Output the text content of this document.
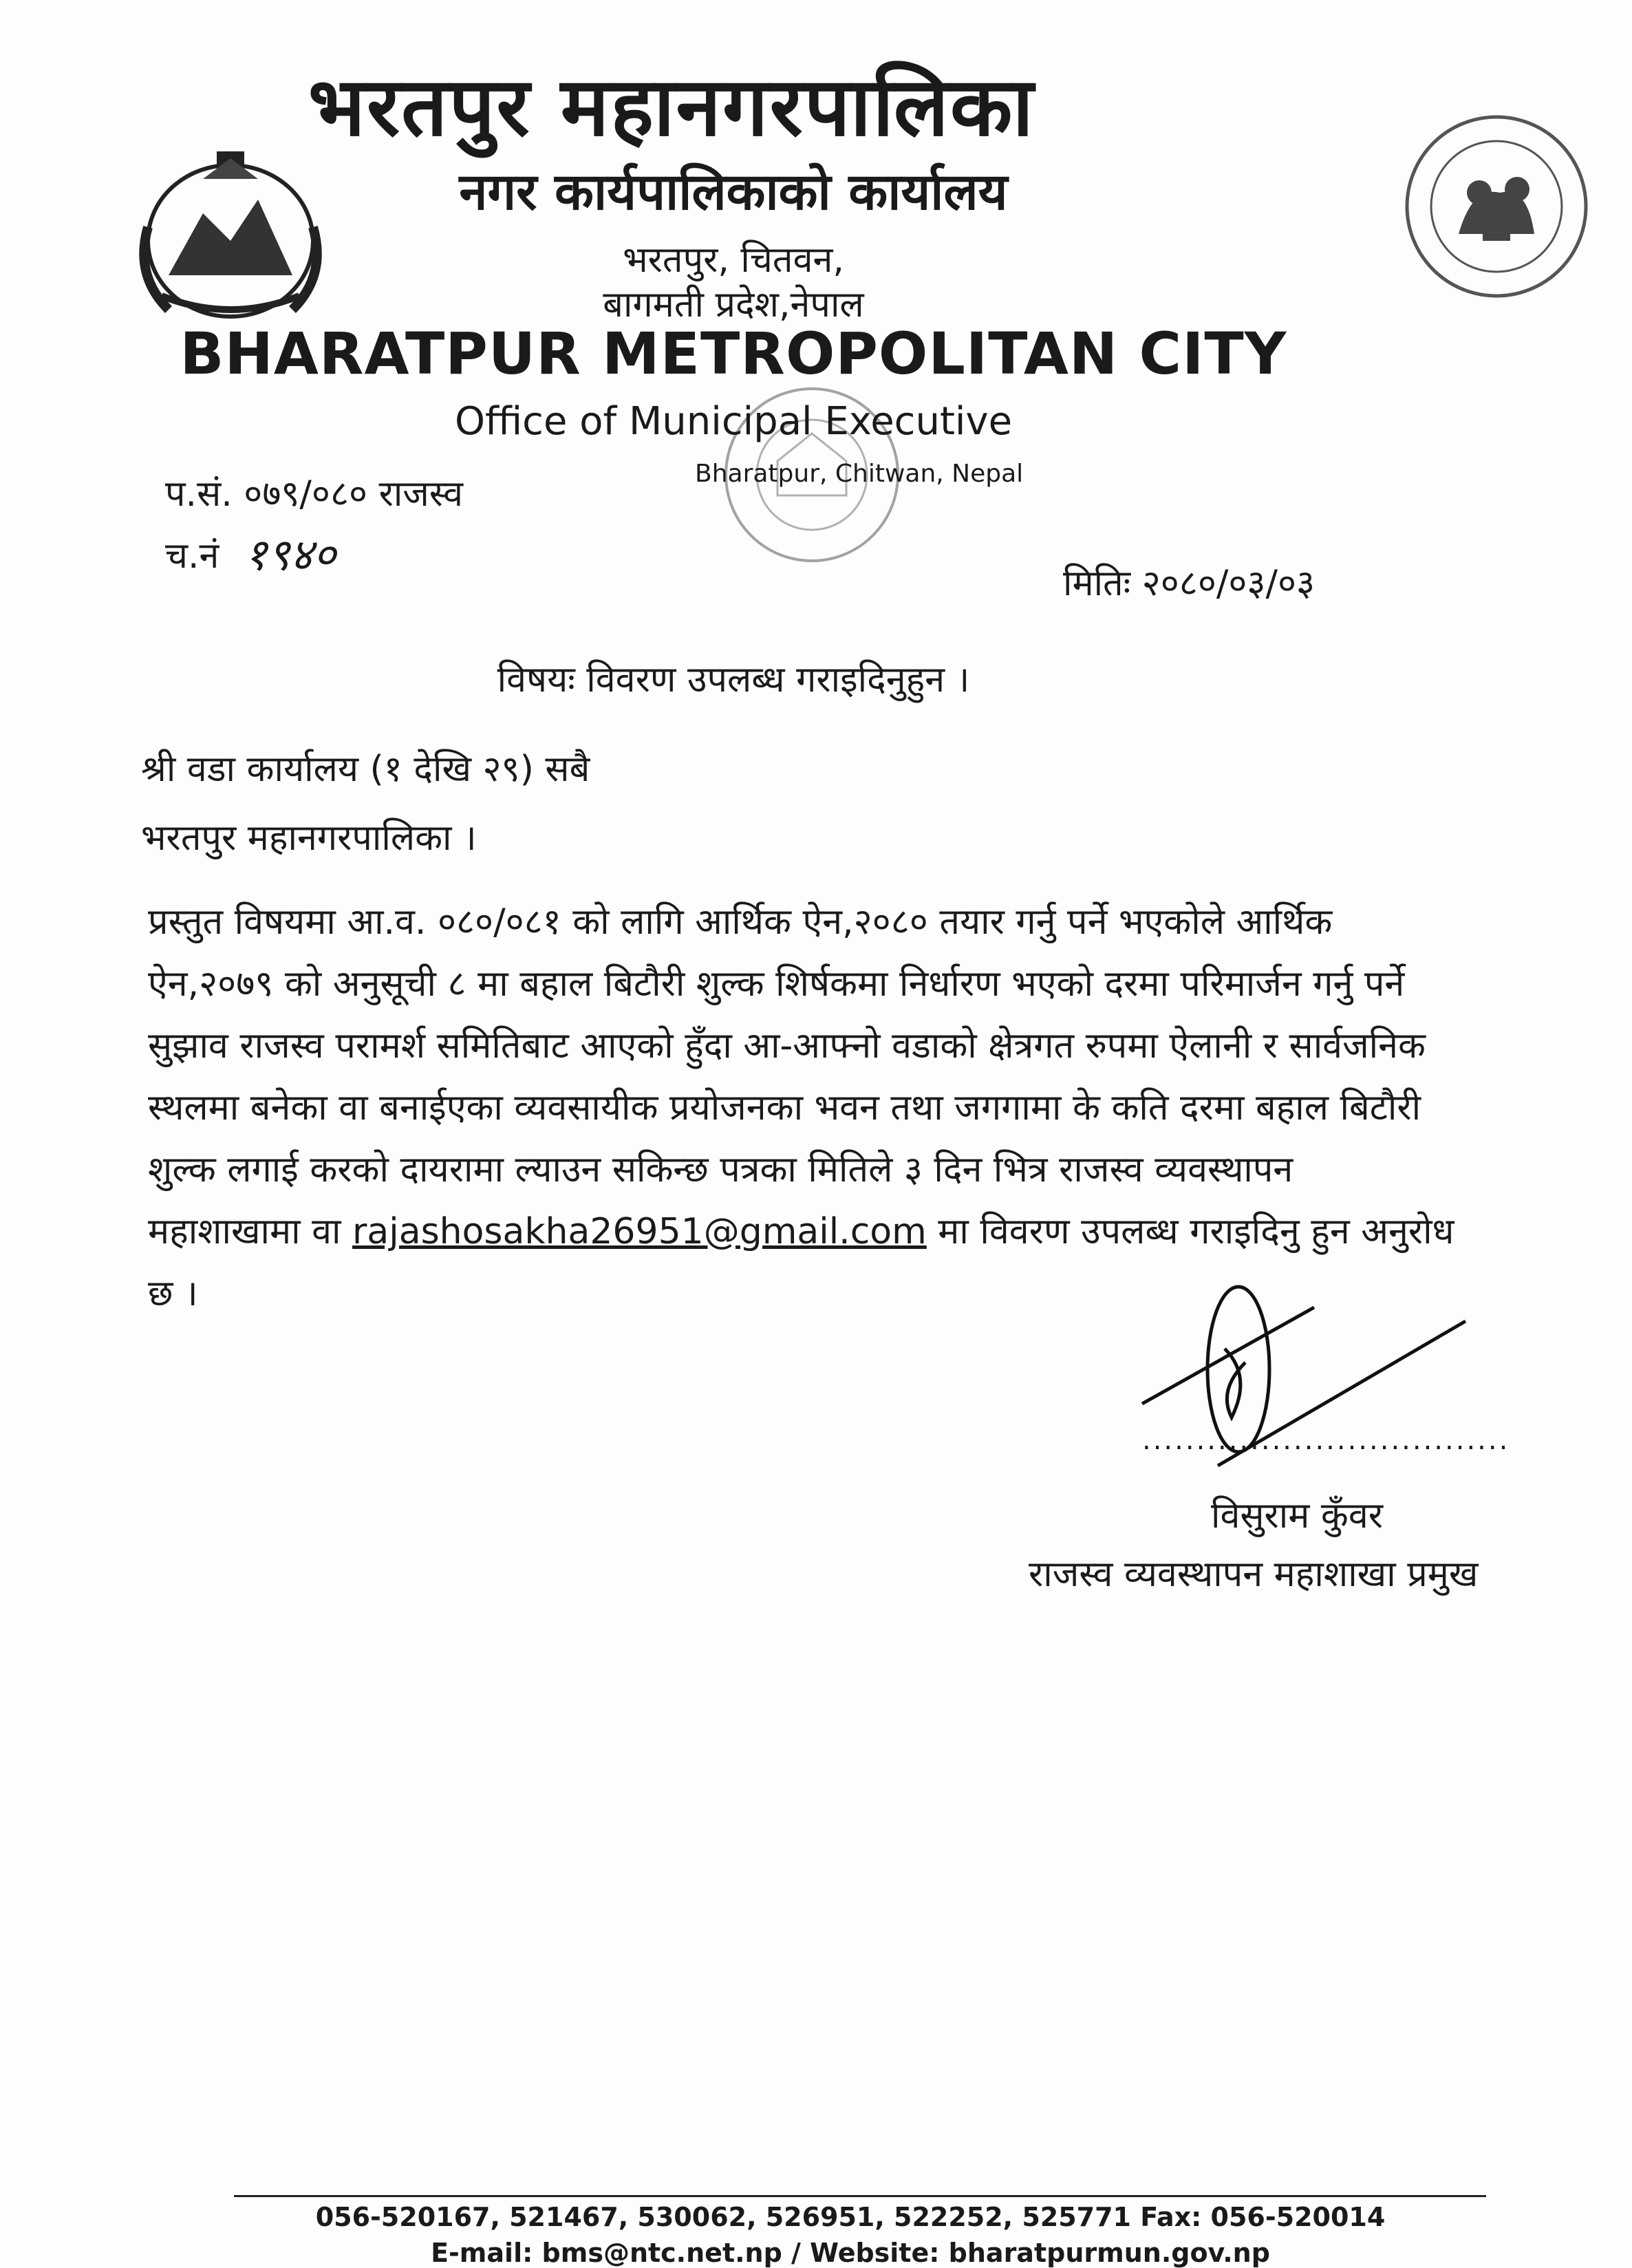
भरतपुर महानगरपालिका
नगर कार्यपालिकाको कार्यालय
भरतपुर, चितवन,
बागमती प्रदेश,नेपाल
BHARATPUR METROPOLITAN CITY
Office of Municipal Executive
Bharatpur, Chitwan, Nepal
प.सं. ०७९/०८० राजस्व
च.नं १९४०
मितिः २०८०/०३/०३
विषयः विवरण उपलब्ध गराइदिनुहुन ।
श्री वडा कार्यालय (१ देखि २९) सबै
भरतपुर महानगरपालिका ।
प्रस्तुत विषयमा आ.व. ०८०/०८१ को लागि आर्थिक ऐन,२०८० तयार गर्नु पर्ने भएकोले आर्थिक ऐन,२०७९ को अनुसूची ८ मा बहाल बिटौरी शुल्क शिर्षकमा निर्धारण भएको दरमा परिमार्जन गर्नु पर्ने सुझाव राजस्व परामर्श समितिबाट आएको हुँदा आ-आफ्नो वडाको क्षेत्रगत रुपमा ऐलानी र सार्वजनिक स्थलमा बनेका वा बनाईएका व्यवसायीक प्रयोजनका भवन तथा जगगामा के कति दरमा बहाल बिटौरी शुल्क लगाई करको दायरामा ल्याउन सकिन्छ पत्रका मितिले ३ दिन भित्र राजस्व व्यवस्थापन महाशाखामा वा rajashosakha26951@gmail.com मा विवरण उपलब्ध गराइदिनु हुन अनुरोध छ ।
..................................
विसुराम कुँवर
राजस्व व्यवस्थापन महाशाखा प्रमुख
056-520167, 521467, 530062, 526951, 522252, 525771 Fax: 056-520014
E-mail: bms@ntc.net.np / Website: bharatpurmun.gov.np
